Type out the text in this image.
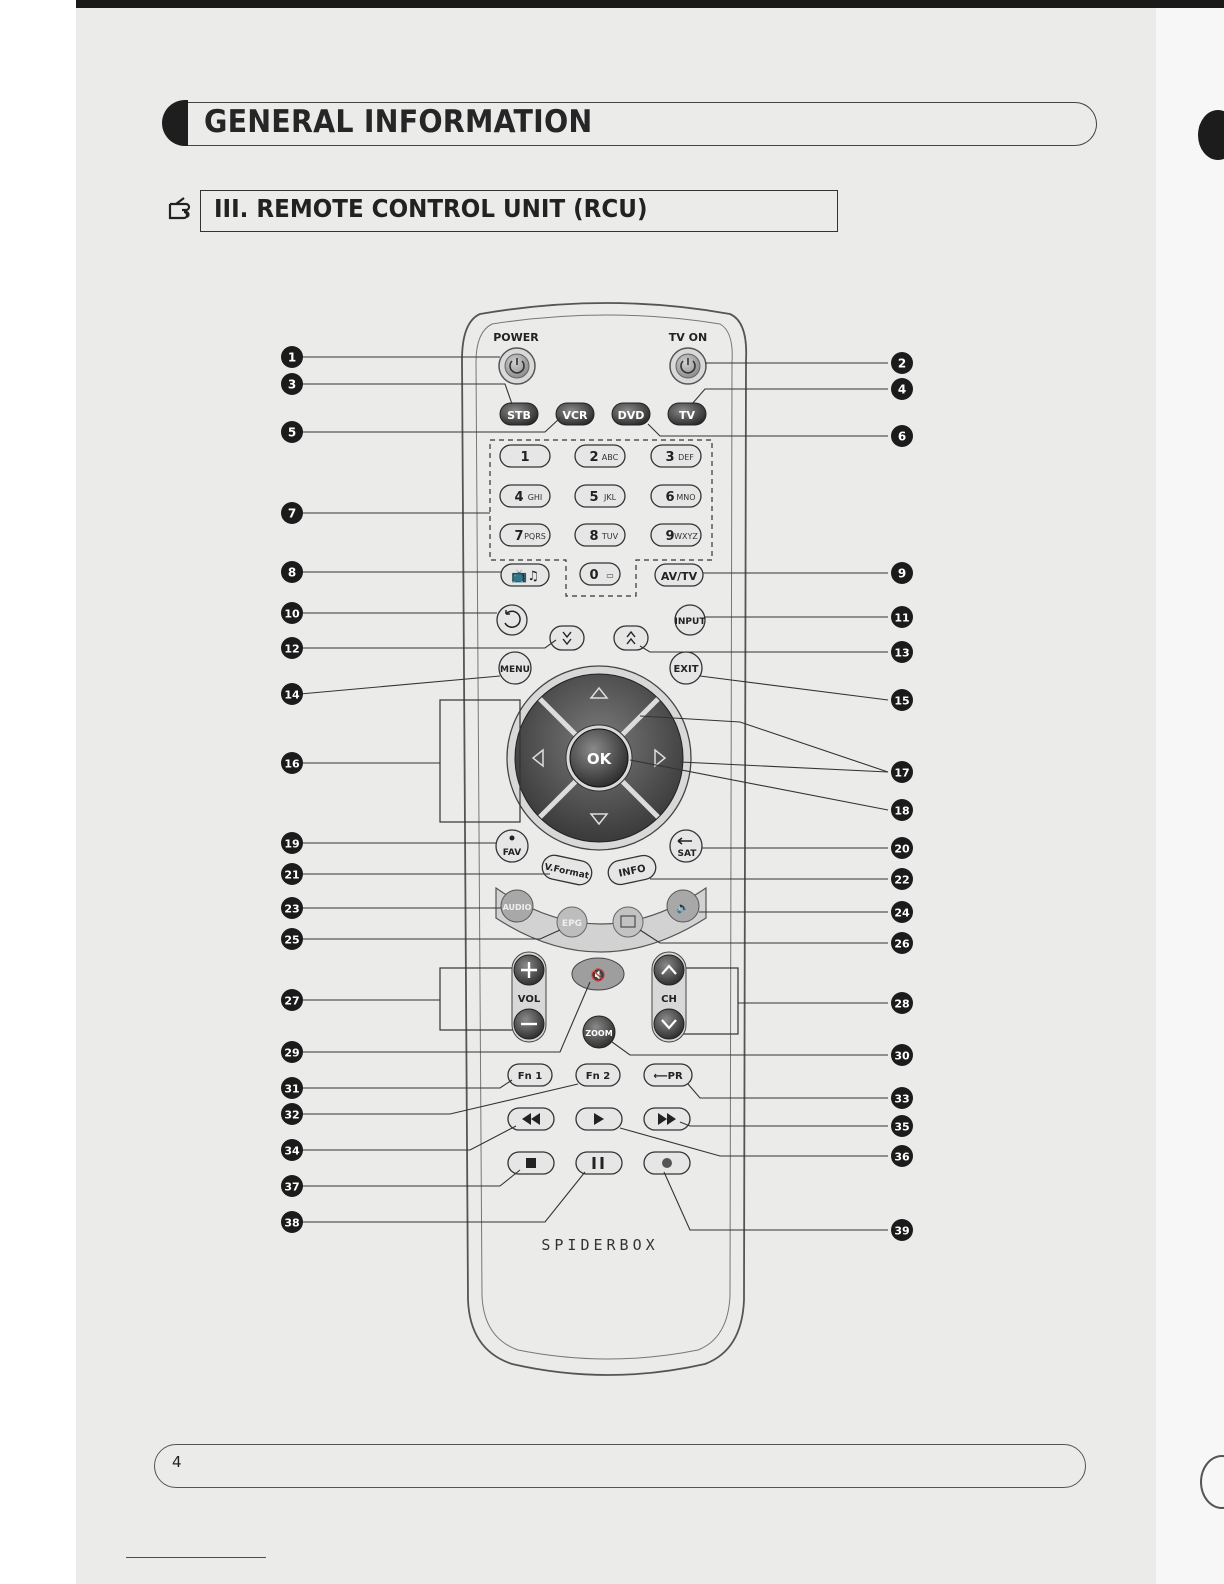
GENERAL INFORMATION
III. REMOTE CONTROL UNIT (RCU)
POWER	TV ON
STB	VCR	DVD	TV
1	2 ABC	3 DEF
4 GHI	5 JKL	6 MNO
7 PQRS	8 TUV	9 WXYZ
0 ▭
📺♫	AV/TV
INPUT
MENU	EXIT
OK
FAV	SAT
V.Format	INFO
AUDIO
EPG
🔈
VOL
🔇
CH
ZOOM
Fn 1	Fn 2	⟵PR
SPIDERBOX
1	2
3	4
5	6
7
8	9
10	11
12	13
14	15
16
17
18
19	20
21	22
23	24
25	26
27	28
29	30
31
32
33
34
35
36
37
38
39
4
